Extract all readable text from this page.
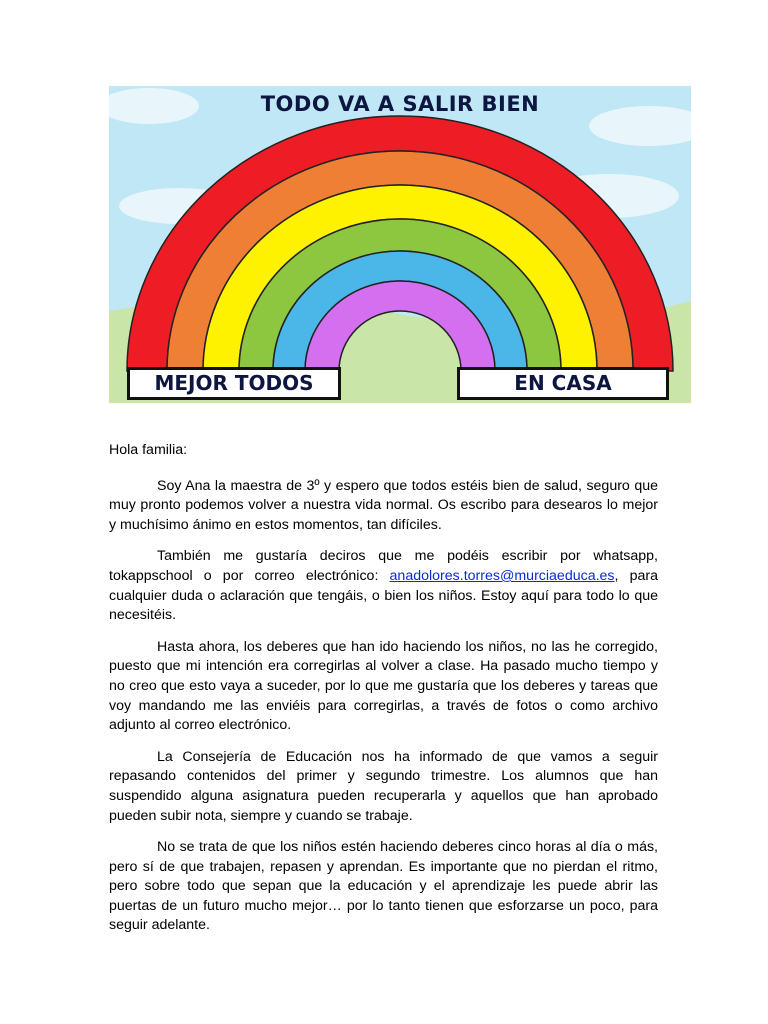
TODO VA A SALIR BIEN
MEJOR TODOS	EN CASA

Hola familia:

Soy Ana la maestra de 3º y espero que todos estéis bien de salud, seguro que muy pronto podemos volver a nuestra vida normal. Os escribo para desearos lo mejor y muchísimo ánimo en estos momentos, tan difíciles.

También me gustaría deciros que me podéis escribir por whatsapp, tokappschool o por correo electrónico: anadolores.torres@murciaeduca.es, para cualquier duda o aclaración que tengáis, o bien los niños. Estoy aquí para todo lo que necesitéis.

Hasta ahora, los deberes que han ido haciendo los niños, no las he corregido, puesto que mi intención era corregirlas al volver a clase. Ha pasado mucho tiempo y no creo que esto vaya a suceder, por lo que me gustaría que los deberes y tareas que voy mandando me las enviéis para corregirlas, a través de fotos o como archivo adjunto al correo electrónico.

La Consejería de Educación nos ha informado de que vamos a seguir repasando contenidos del primer y segundo trimestre. Los alumnos que han suspendido alguna asignatura pueden recuperarla y aquellos que han aprobado pueden subir nota, siempre y cuando se trabaje.

No se trata de que los niños estén haciendo deberes cinco horas al día o más, pero sí de que trabajen, repasen y aprendan. Es importante que no pierdan el ritmo, pero sobre todo que sepan que la educación y el aprendizaje les puede abrir las puertas de un futuro mucho mejor… por lo tanto tienen que esforzarse un poco, para seguir adelante.
